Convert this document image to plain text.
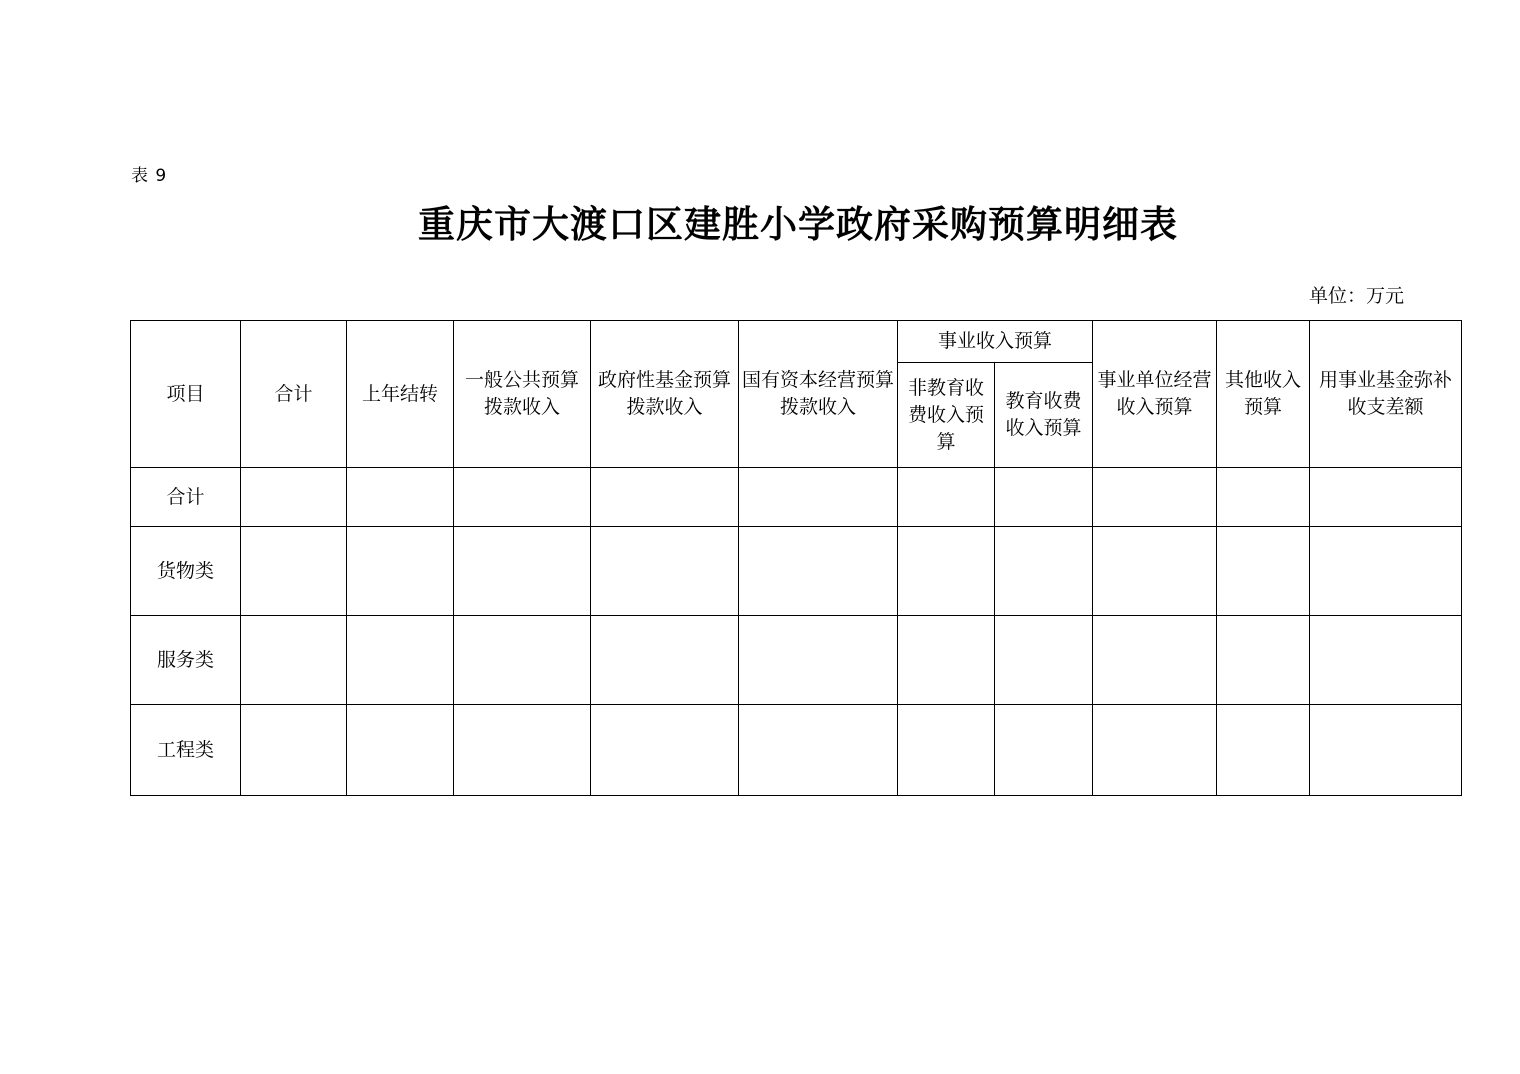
表 9
重庆市大渡口区建胜小学政府采购预算明细表
单位：万元
项目	合计	上年结转	一般公共预算拨款收入	政府性基金预算拨款收入	国有资本经营预算拨款收入	事业收入预算		事业单位经营收入预算	其他收入预算	用事业基金弥补收支差额

						非教育收费收入预算	教育收费收入预算			

合计										
货物类										
服务类										
工程类										
